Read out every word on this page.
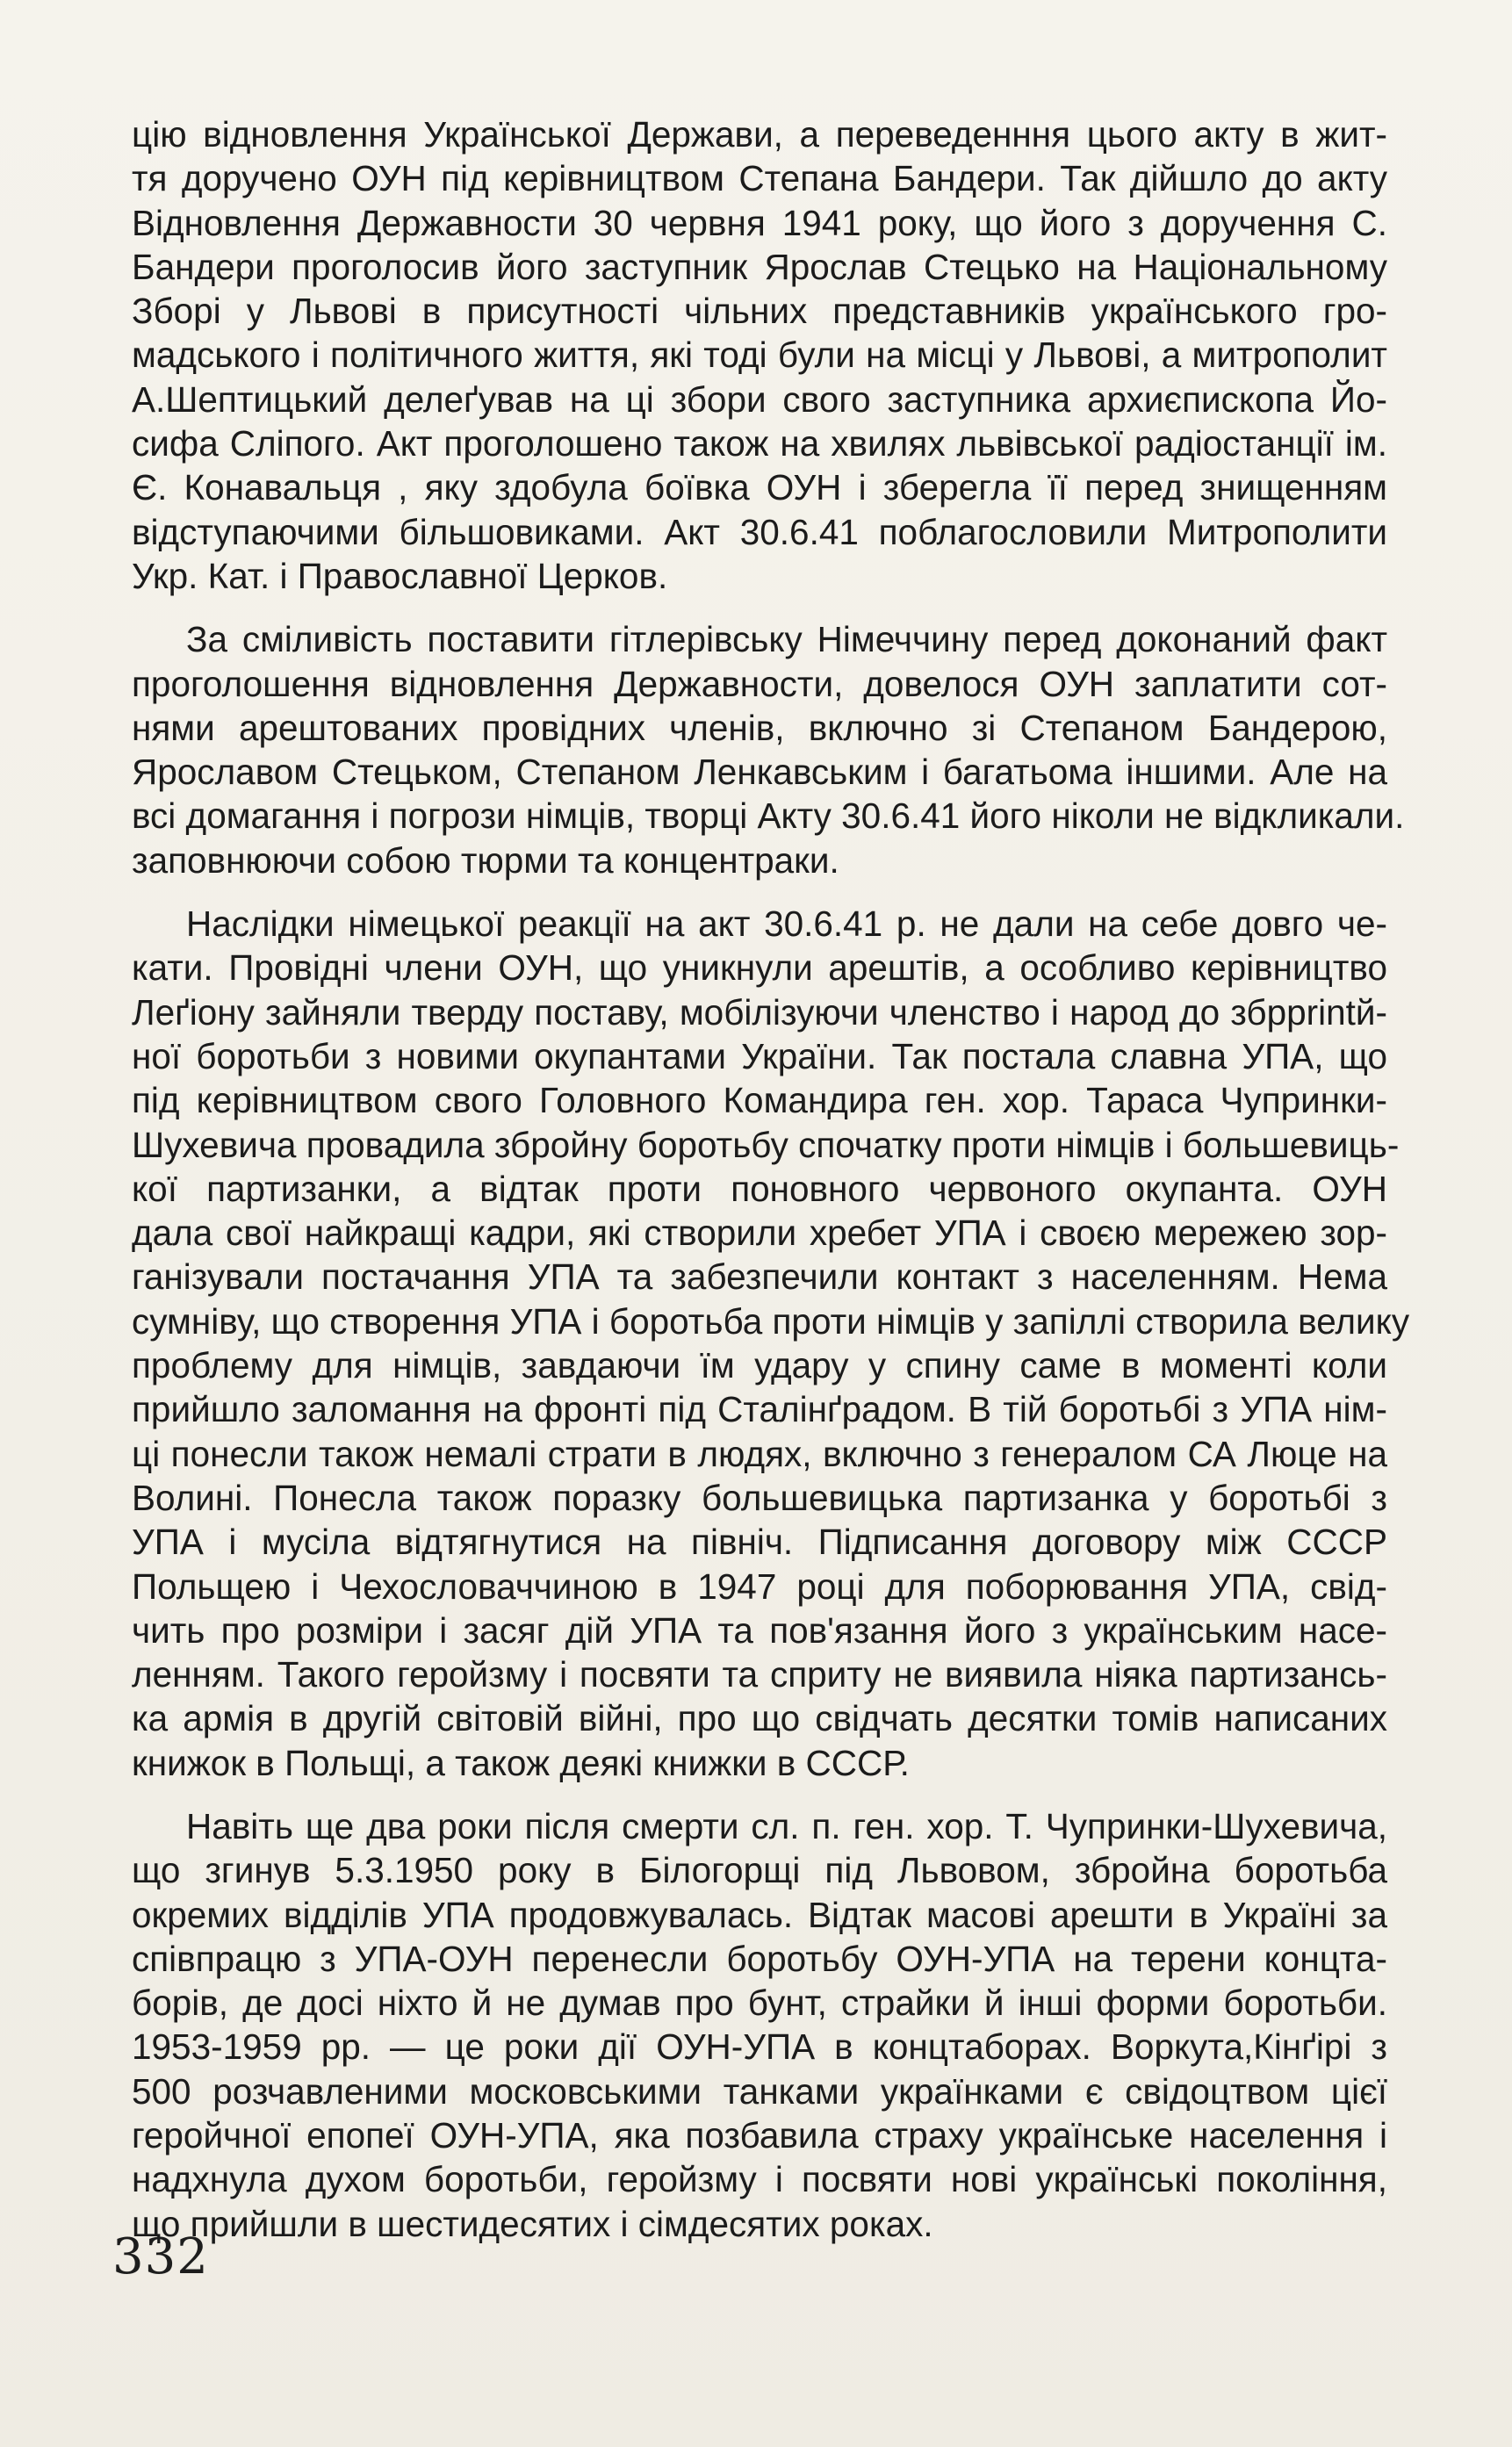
цію відновлення Української Держави, а переведенння цього акту в жит-
тя доручено ОУН під керівництвом Степана Бандери. Так дійшло до акту
Відновлення Державности 30 червня 1941 року, що його з доручення С.
Бандери проголосив його заступник Ярослав Стецько на Національному
Зборі у Львові в присутності чільних представників українського гро-
мадського і політичного життя, які тоді були на місці у Львові, а митрополит
А.Шептицький делеґував на ці збори свого заступника архиєпископа Йо-
сифа Сліпого. Акт проголошено також на хвилях львівської радіостанції ім.
Є. Конавальця , яку здобула боївка ОУН і зберегла її перед знищенням
відступаючими більшовиками. Акт 30.6.41 поблагословили Митрополити
Укр. Кат. і Православної Церков.

За сміливість поставити гітлерівську Німеччину перед доконаний факт
проголошення відновлення Державности, довелося ОУН заплатити сот-
нями арештованих провідних членів, включно зі Степаном Бандерою,
Ярославом Стецьком, Степаном Ленкавським і багатьома іншими. Але на
всі домагання і погрози німців, творці Акту 30.6.41 його ніколи не відкликали.
заповнюючи собою тюрми та концентраки.

Наслідки німецької реакції на акт 30.6.41 р. не дали на себе довго че-
кати. Провідні члени ОУН, що уникнули арештів, а особливо керівництво
Леґіону зайняли тверду поставу, мобілізуючи членство і народ до збрprintй-
ної боротьби з новими окупантами України. Так постала славна УПА, що
під керівництвом свого Головного Командира ген. хор. Тараса Чупринки-
Шухевича провадила збройну боротьбу спочатку проти німців і большевиць-
кої партизанки, а відтак проти поновного червоного окупанта. ОУН
дала свої найкращі кадри, які створили хребет УПА і своєю мережею зор-
ганізували постачання УПА та забезпечили контакт з населенням. Нема
сумніву, що створення УПА і боротьба проти німців у запіллі створила велику
проблему для німців, завдаючи їм удару у спину саме в моменті коли
прийшло заломання на фронті під Сталінґрадом. В тій боротьбі з УПА нім-
ці понесли також немалі страти в людях, включно з генералом СА Люце на
Волині. Понесла також поразку большевицька партизанка у боротьбі з
УПА і мусіла відтягнутися на північ. Підписання договору між СССР
Польщею і Чехословаччиною в 1947 році для поборювання УПА, свід-
чить про розміри і засяг дій УПА та пов'язання його з українським насе-
ленням. Такого геройзму і посвяти та сприту не виявила ніяка партизансь-
ка армія в другій світовій війні, про що свідчать десятки томів написаних
книжок в Польщі, а також деякі книжки в СССР.

Навіть ще два роки після смерти сл. п. ген. хор. Т. Чупринки-Шухевича,
що згинув 5.3.1950 року в Білогорщі під Львовом, збройна боротьба
окремих відділів УПА продовжувалась. Відтак масові арешти в Україні за
співпрацю з УПА-ОУН перенесли боротьбу ОУН-УПА на терени концта-
борів, де досі ніхто й не думав про бунт, страйки й інші форми боротьби.
1953-1959 рр. — це роки дії ОУН-УПА в концтаборах. Воркута,Кінґірі з
500 розчавленими московськими танками українками є свідоцтвом цієї
геройчної епопеї ОУН-УПА, яка позбавила страху українське населення і
надхнула духом боротьби, геройзму і посвяти нові українські покоління,
що прийшли в шестидесятих і сімдесятих роках.

332
